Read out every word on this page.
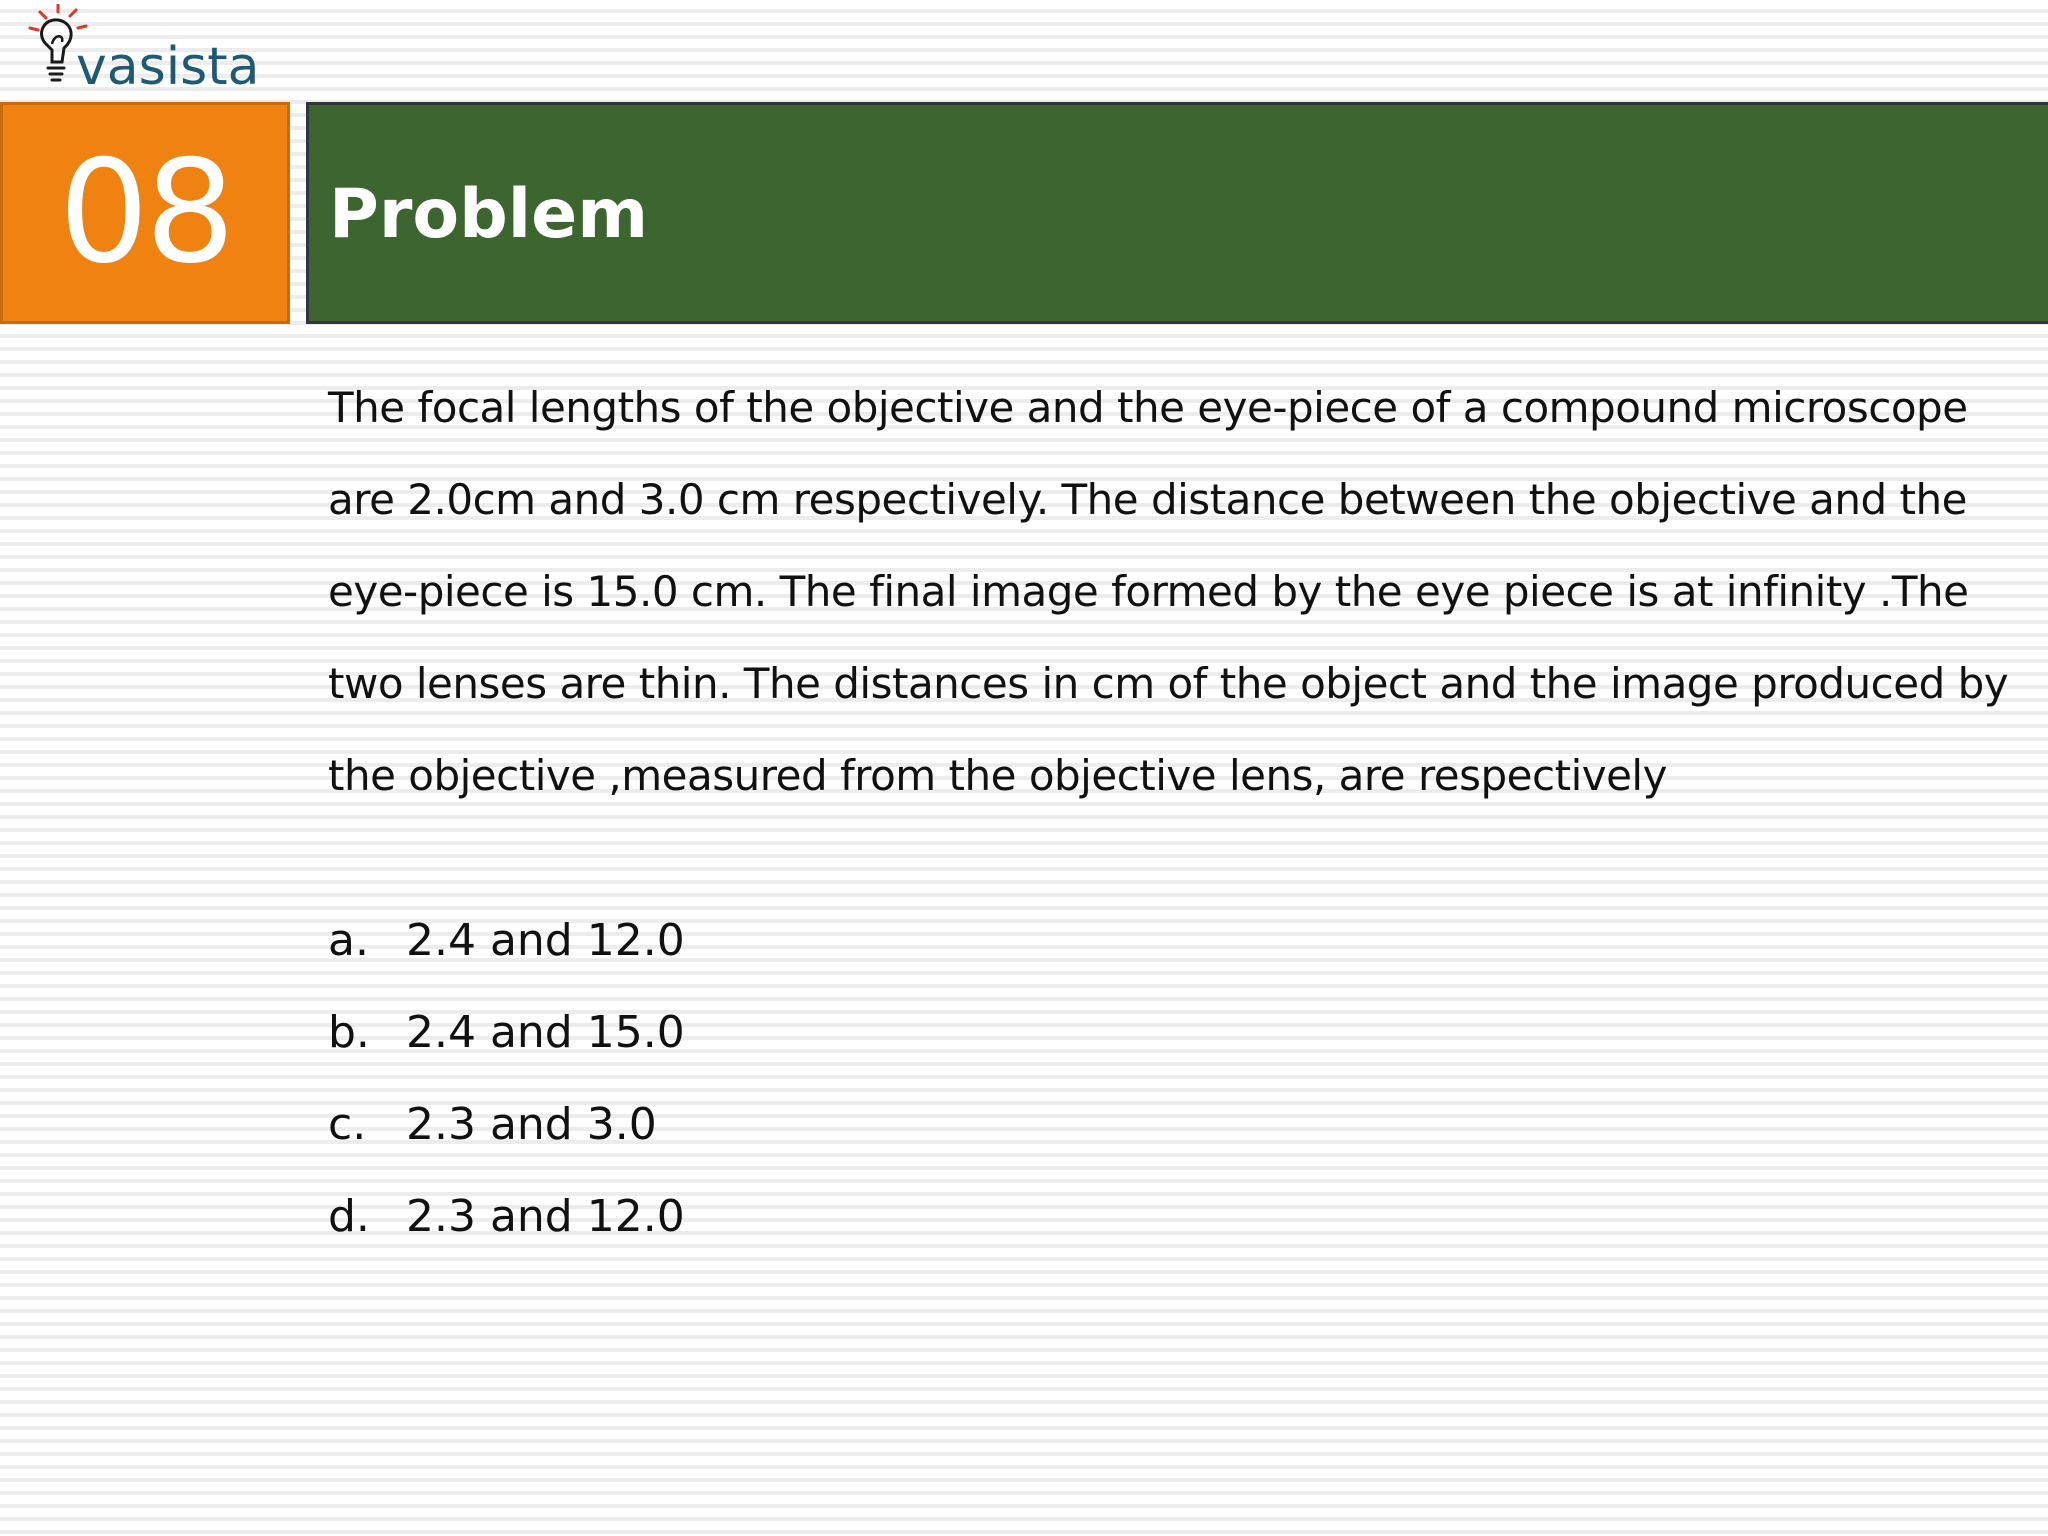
vasista
08 Problem

The focal lengths of the objective and the eye-piece of a compound microscope are 2.0cm and 3.0 cm respectively. The distance between the objective and the eye-piece is 15.0 cm. The final image formed by the eye piece is at infinity .The two lenses are thin. The distances in cm of the object and the image produced by the objective ,measured from the objective lens, are respectively

a. 2.4 and 12.0
b. 2.4 and 15.0
c. 2.3 and 3.0
d. 2.3 and 12.0
